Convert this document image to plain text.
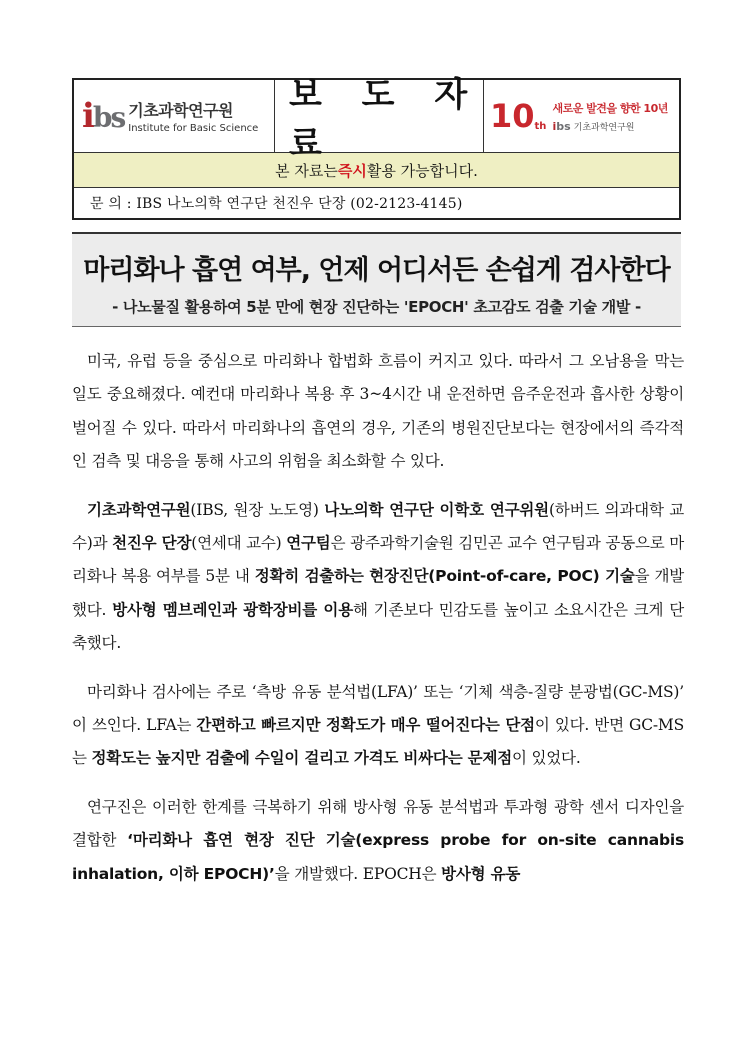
ibs 기초과학연구원
Institute for Basic Science
보 도 자 료
10th
새로운 발견을 향한 10년
ibs 기초과학연구원
본 자료는 즉시 활용 가능합니다.
문 의 : IBS 나노의학 연구단 천진우 단장 (02-2123-4145)
마리화나 흡연 여부, 언제 어디서든 손쉽게 검사한다
- 나노물질 활용하여 5분 만에 현장 진단하는 'EPOCH' 초고감도 검출 기술 개발 -

미국, 유럽 등을 중심으로 마리화나 합법화 흐름이 커지고 있다. 따라서 그 오남용을 막는 일도 중요해졌다. 예컨대 마리화나 복용 후 3~4시간 내 운전하면 음주운전과 흡사한 상황이 벌어질 수 있다. 따라서 마리화나의 흡연의 경우, 기존의 병원진단보다는 현장에서의 즉각적인 검측 및 대응을 통해 사고의 위험을 최소화할 수 있다.

기초과학연구원(IBS, 원장 노도영) 나노의학 연구단 이학호 연구위원(하버드 의과대학 교수)과 천진우 단장(연세대 교수) 연구팀은 광주과학기술원 김민곤 교수 연구팀과 공동으로 마리화나 복용 여부를 5분 내 정확히 검출하는 현장진단(Point-of-care, POC) 기술을 개발했다. 방사형 멤브레인과 광학장비를 이용해 기존보다 민감도를 높이고 소요시간은 크게 단축했다.

마리화나 검사에는 주로 ‘측방 유동 분석법(LFA)’ 또는 ‘기체 색층-질량 분광법(GC-MS)’ 이 쓰인다. LFA는 간편하고 빠르지만 정확도가 매우 떨어진다는 단점이 있다. 반면 GC-MS는 정확도는 높지만 검출에 수일이 걸리고 가격도 비싸다는 문제점이 있었다.

연구진은 이러한 한계를 극복하기 위해 방사형 유동 분석법과 투과형 광학 센서 디자인을 결합한 ‘마리화나 흡연 현장 진단 기술(express probe for on-site cannabis inhalation, 이하 EPOCH)’을 개발했다. EPOCH은 방사형 유동
